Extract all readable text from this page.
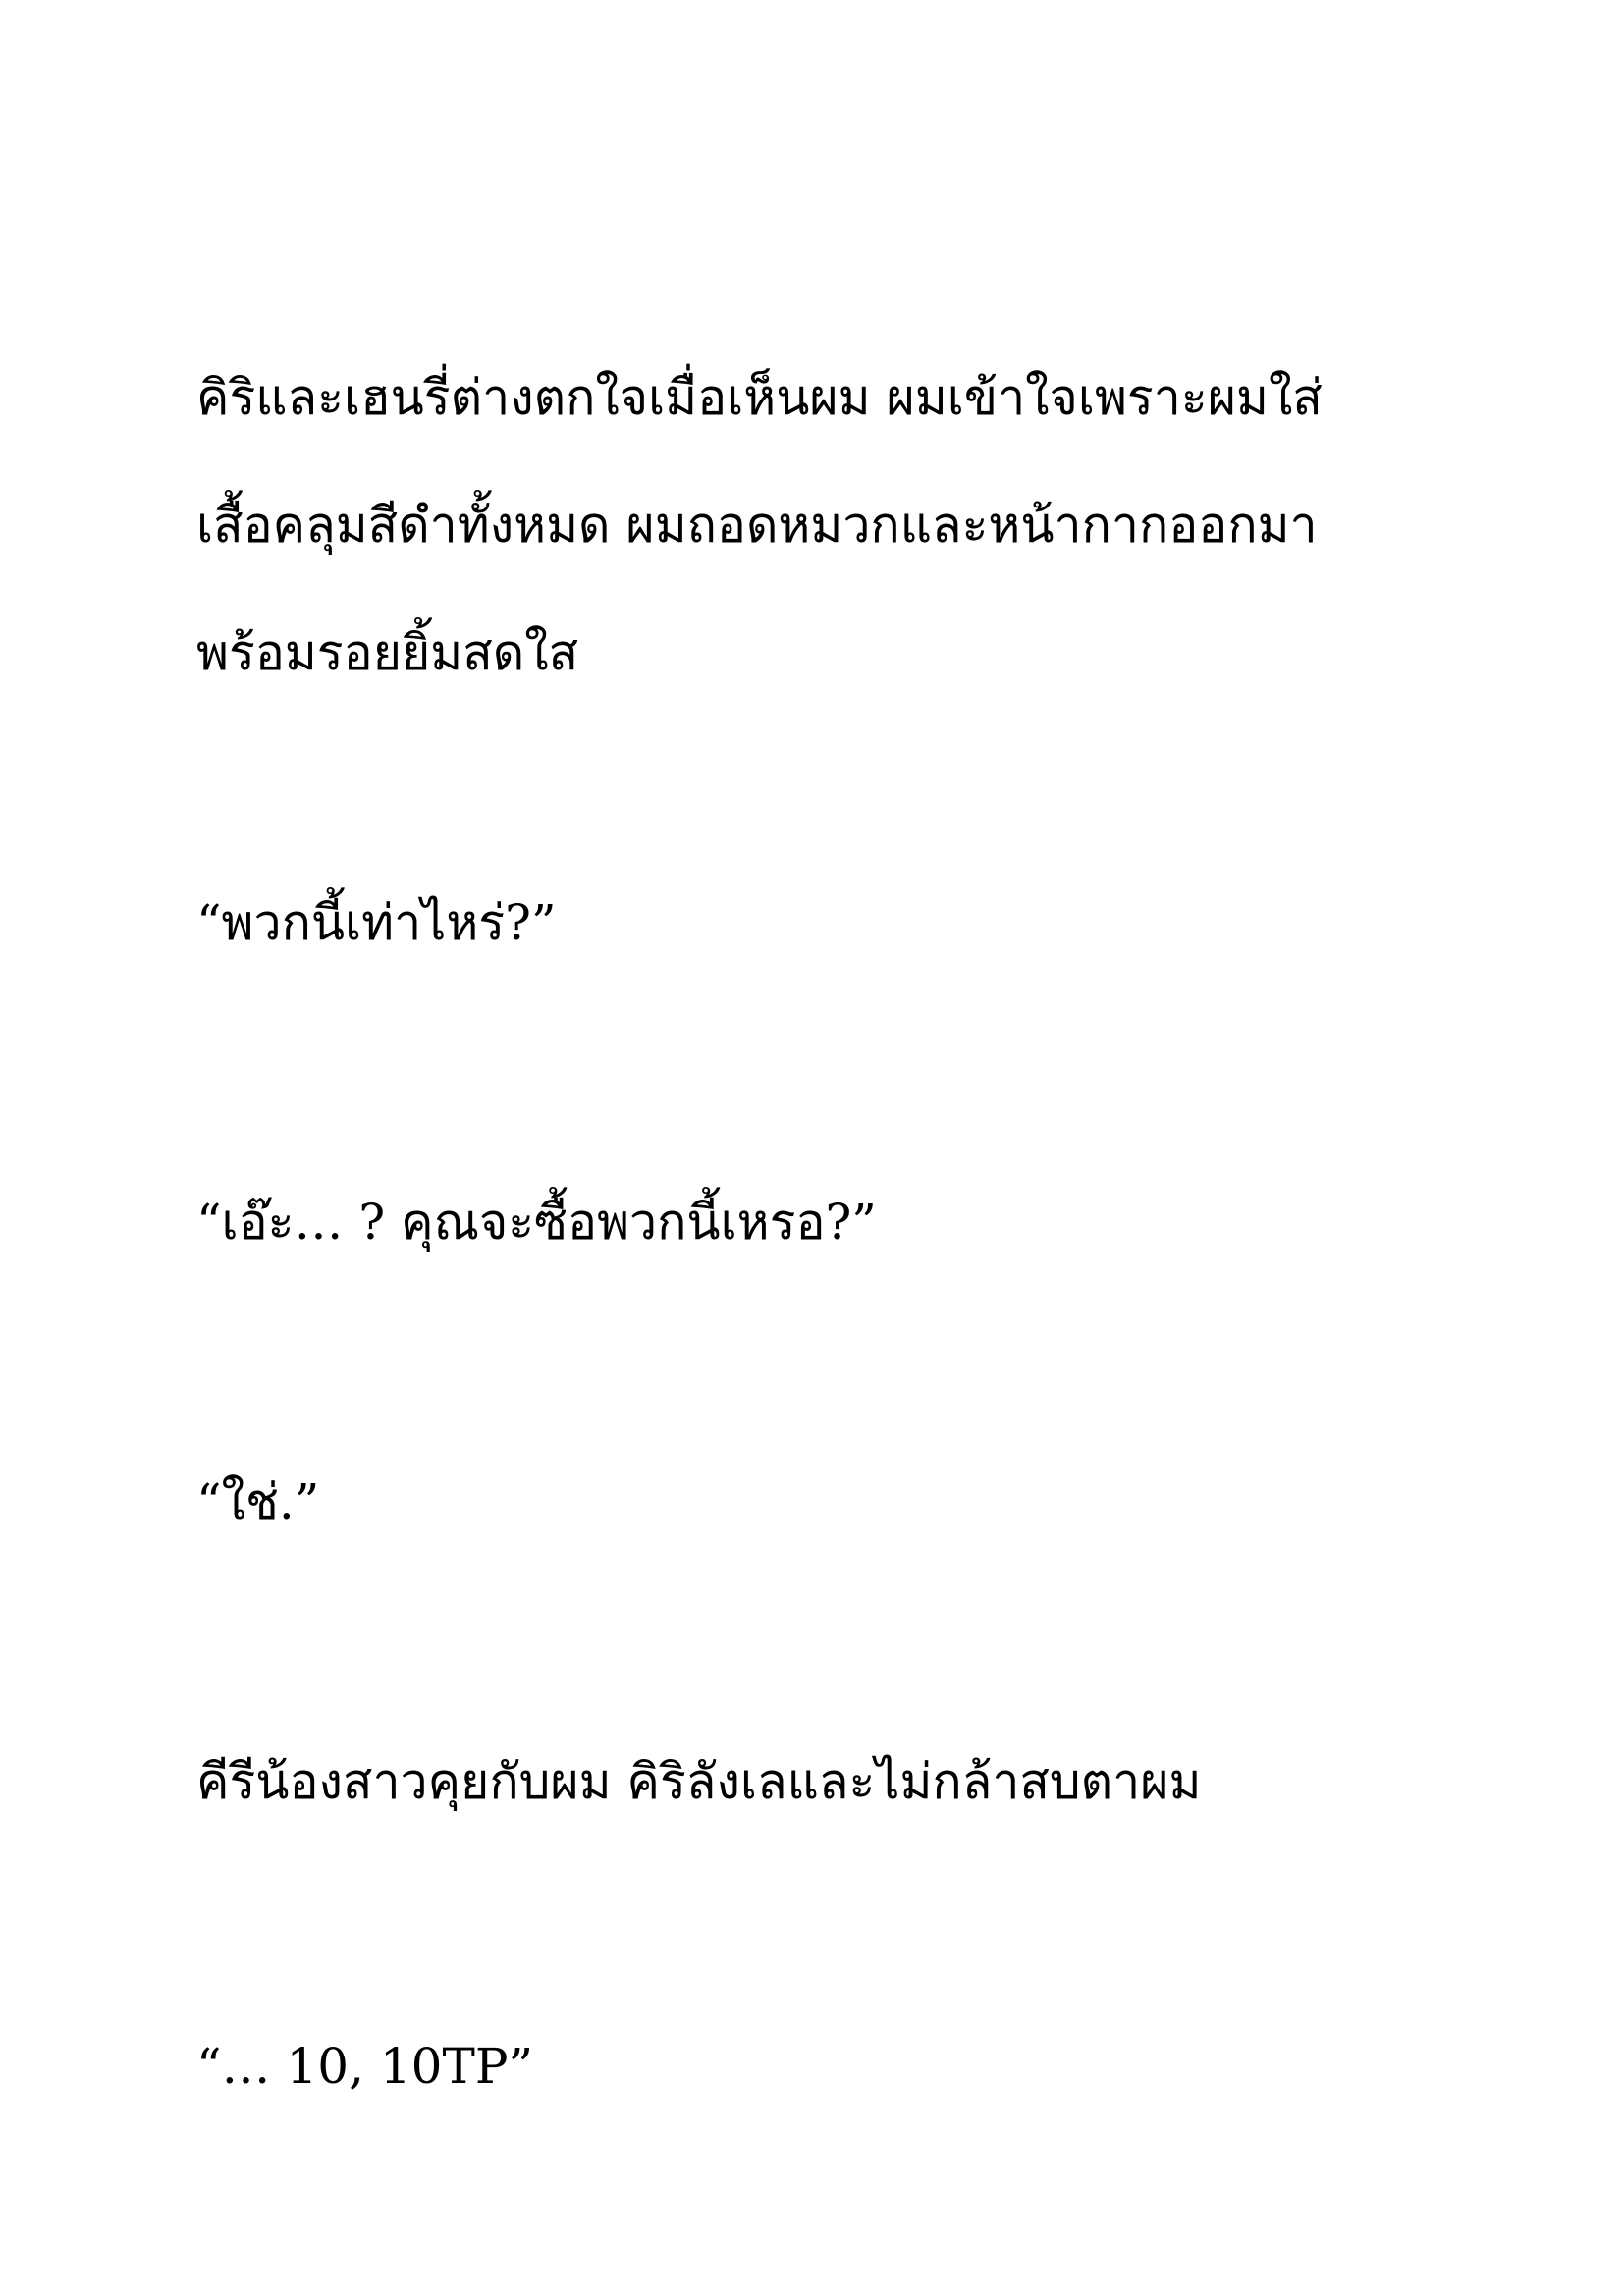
คิริและเฮนรี่ต่างตกใจเมื่อเห็นผม ผมเข้าใจเพราะผมใส่

เสื้อคลุมสีดำทั้งหมด ผมถอดหมวกและหน้ากากออกมา

พร้อมรอยยิ้มสดใส

“พวกนี้เท่าไหร่?”

“เอ๊ะ… ? คุณจะซื้อพวกนี้เหรอ?”

“ใช่.”

คีรีน้องสาวคุยกับผม คิริลังเลและไม่กล้าสบตาผม

“… 10, 10TP”
